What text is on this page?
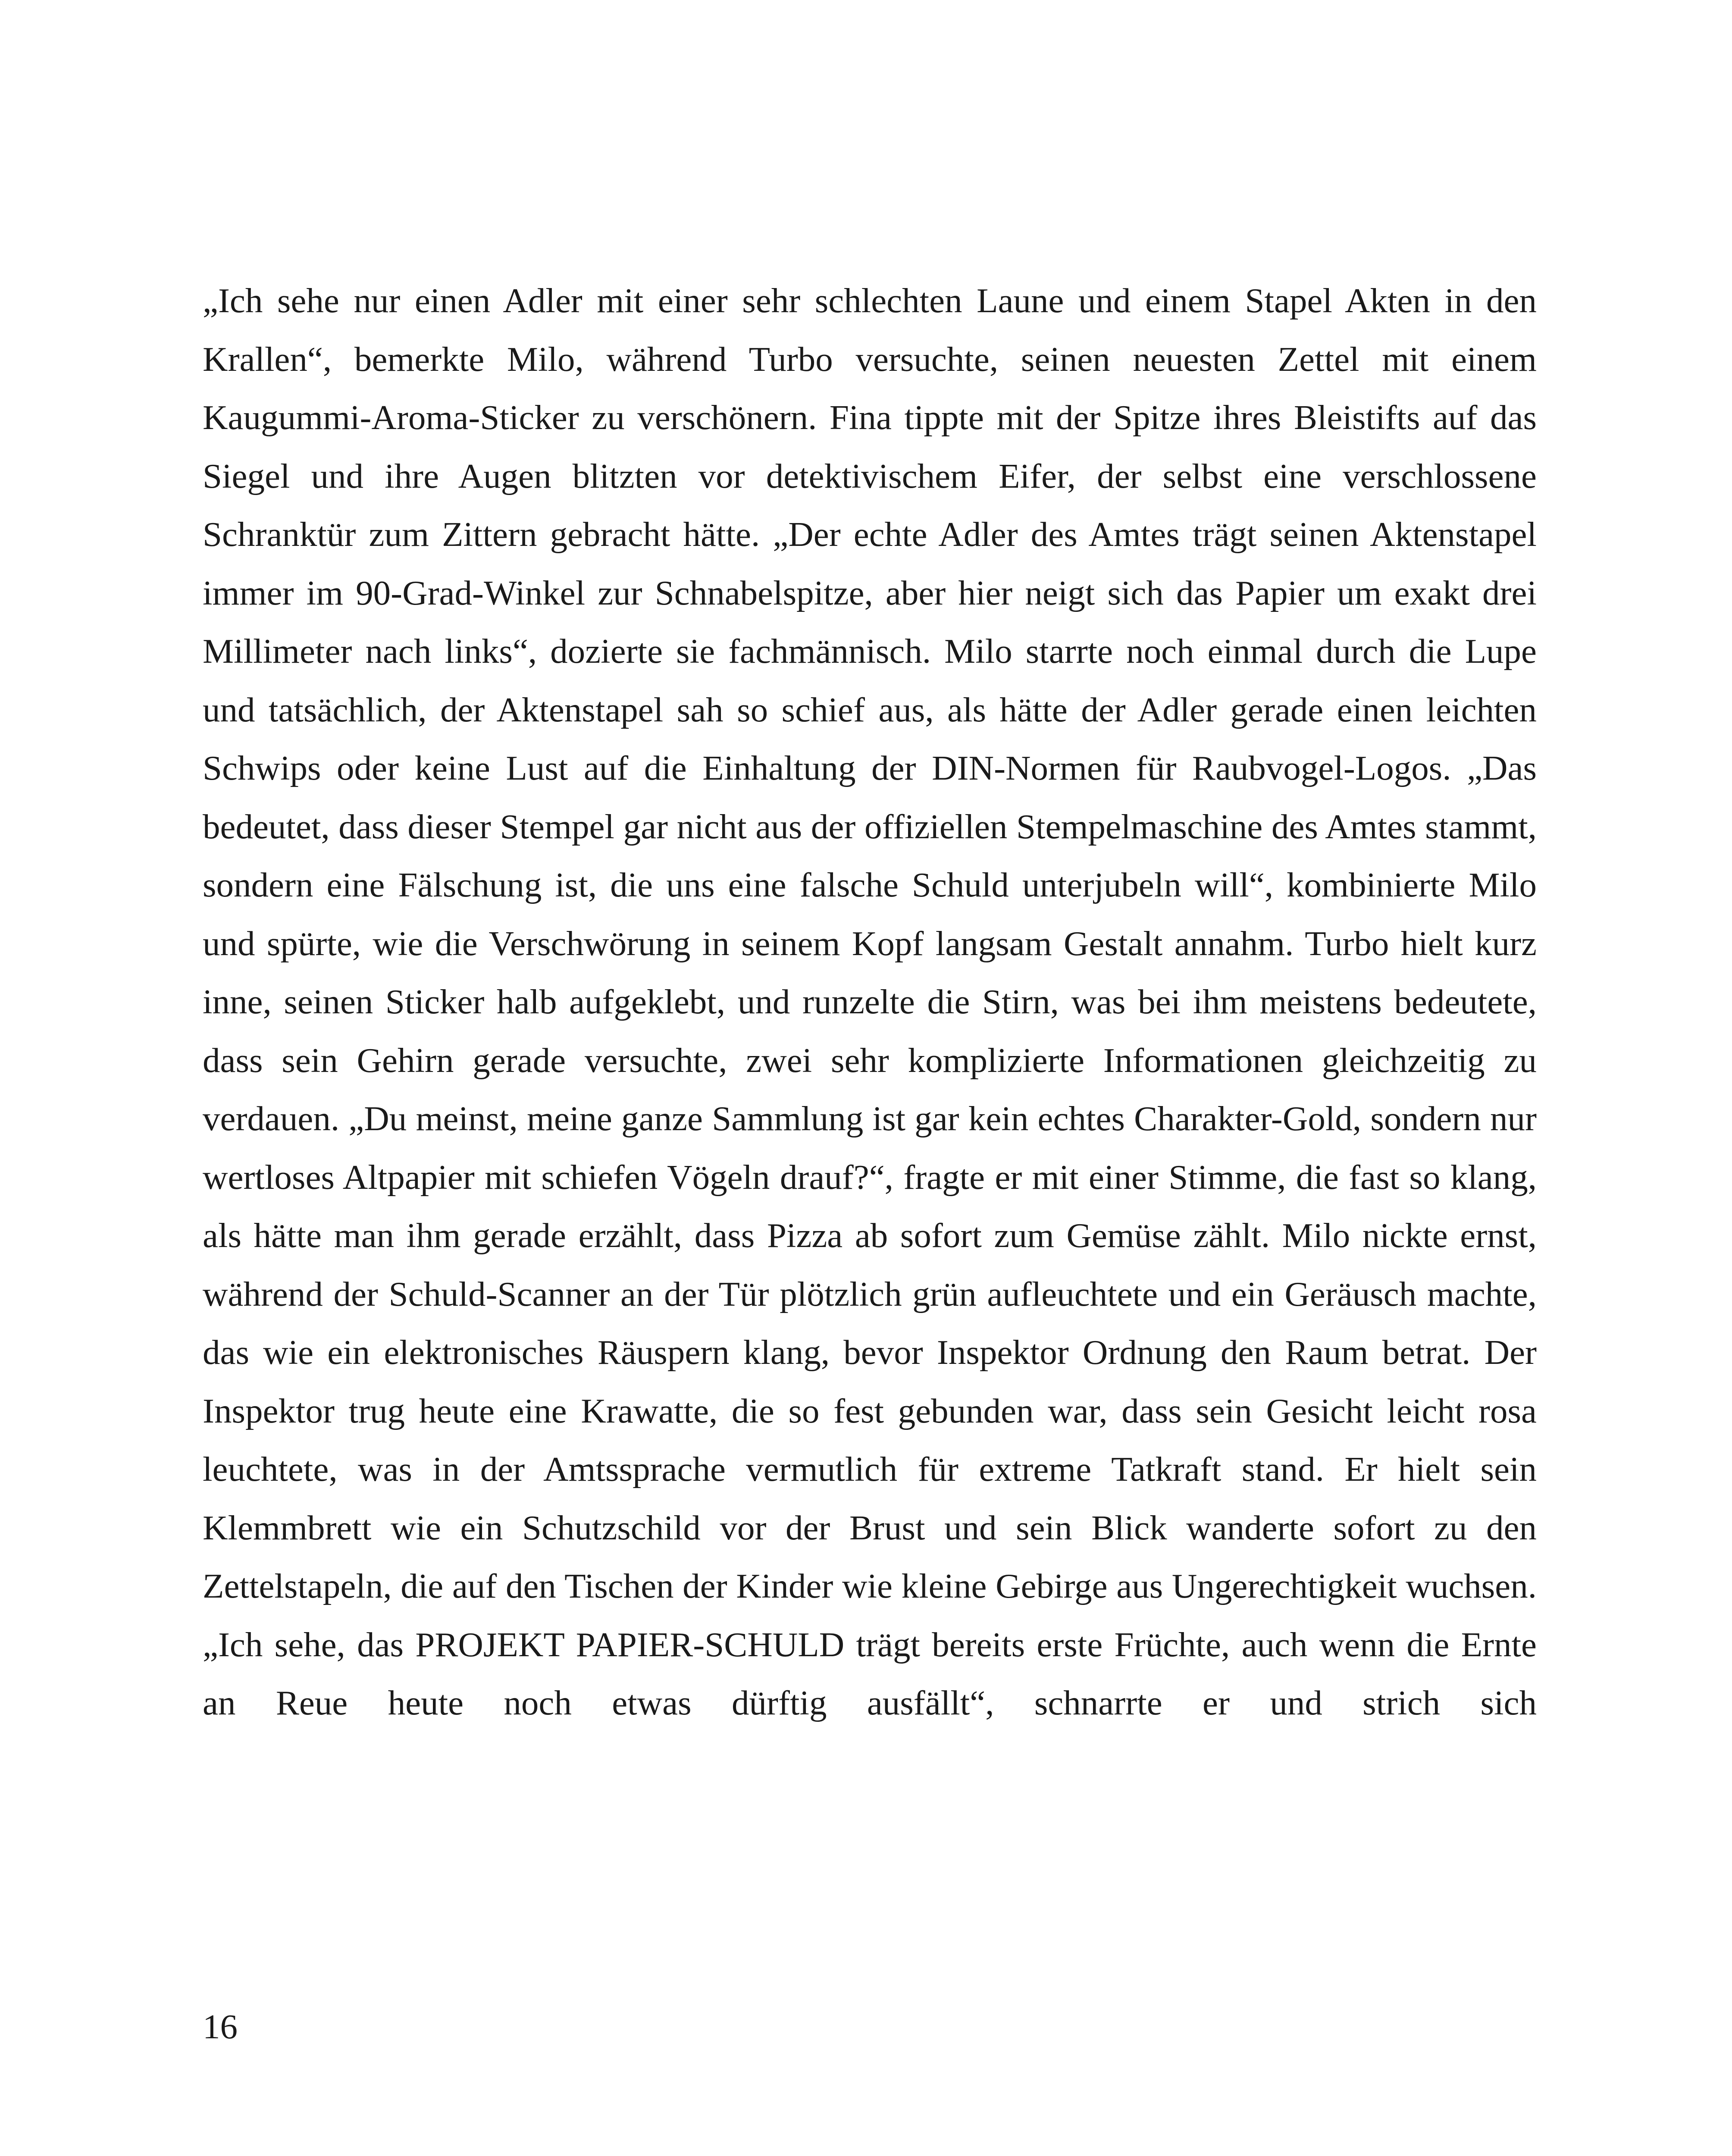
„Ich sehe nur einen Adler mit einer sehr schlechten Laune und einem Stapel Akten in den Krallen“, bemerkte Milo, während Turbo versuchte, seinen neuesten Zettel mit einem Kaugummi-Aroma-Sticker zu verschönern. Fina tippte mit der Spitze ihres Bleistifts auf das Siegel und ihre Augen blitzten vor detektivischem Eifer, der selbst eine verschlossene Schranktür zum Zittern gebracht hätte. „Der echte Adler des Amtes trägt seinen Aktenstapel immer im 90-Grad-Winkel zur Schnabelspitze, aber hier neigt sich das Papier um exakt drei Millimeter nach links“, dozierte sie fachmännisch. Milo starrte noch einmal durch die Lupe und tatsächlich, der Aktenstapel sah so schief aus, als hätte der Adler gerade einen leichten Schwips oder keine Lust auf die Einhaltung der DIN-Normen für Raubvogel-Logos. „Das bedeutet, dass dieser Stempel gar nicht aus der offiziellen Stempelmaschine des Amtes stammt, sondern eine Fälschung ist, die uns eine falsche Schuld unterjubeln will“, kombinierte Milo und spürte, wie die Verschwörung in seinem Kopf langsam Gestalt annahm. Turbo hielt kurz inne, seinen Sticker halb aufgeklebt, und runzelte die Stirn, was bei ihm meistens bedeutete, dass sein Gehirn gerade versuchte, zwei sehr komplizierte Informationen gleichzeitig zu verdauen. „Du meinst, meine ganze Sammlung ist gar kein echtes Charakter-Gold, sondern nur wertloses Altpapier mit schiefen Vögeln drauf?“, fragte er mit einer Stimme, die fast so klang, als hätte man ihm gerade erzählt, dass Pizza ab sofort zum Gemüse zählt. Milo nickte ernst, während der Schuld-Scanner an der Tür plötzlich grün aufleuchtete und ein Geräusch machte, das wie ein elektronisches Räuspern klang, bevor Inspektor Ordnung den Raum betrat. Der Inspektor trug heute eine Krawatte, die so fest gebunden war, dass sein Gesicht leicht rosa leuchtete, was in der Amtssprache vermutlich für extreme Tatkraft stand. Er hielt sein Klemmbrett wie ein Schutzschild vor der Brust und sein Blick wanderte sofort zu den Zettelstapeln, die auf den Tischen der Kinder wie kleine Gebirge aus Ungerechtigkeit wuchsen. „Ich sehe, das PROJEKT PAPIER-SCHULD trägt bereits erste Früchte, auch wenn die Ernte an Reue heute noch etwas dürftig ausfällt“, schnarrte er und strich sich

16
